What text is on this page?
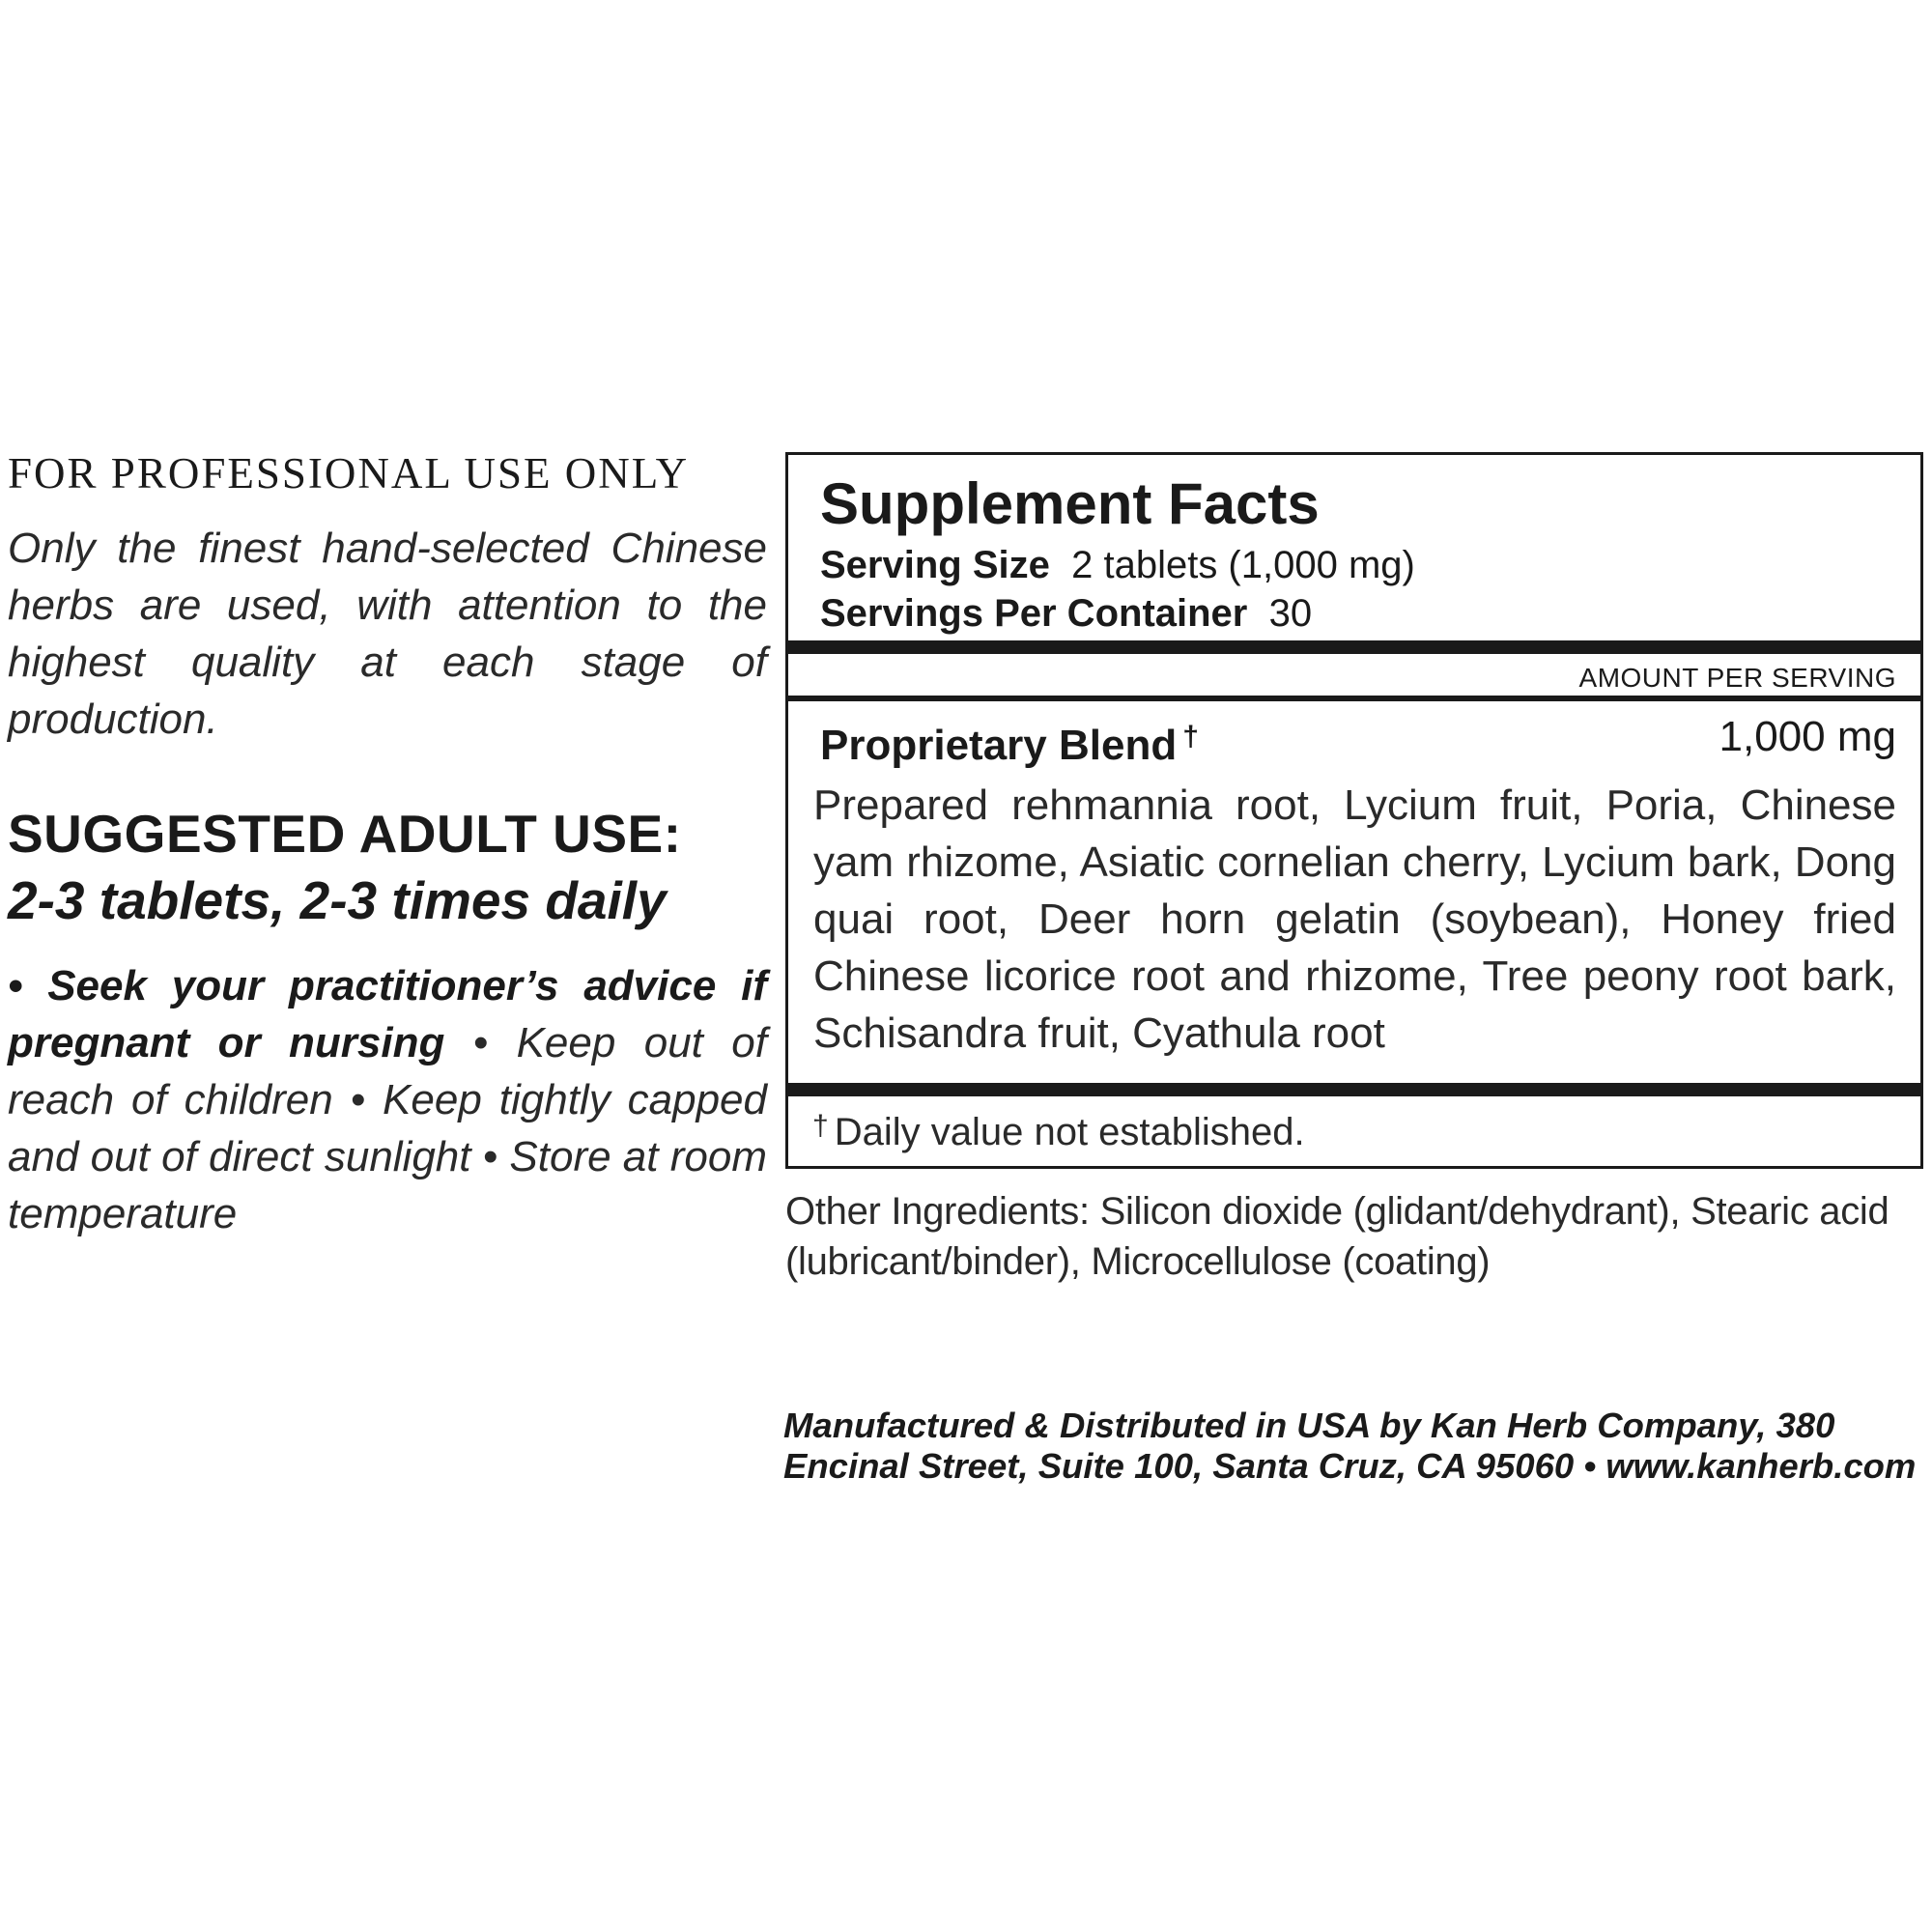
FOR PROFESSIONAL USE ONLY

Only the finest hand-selected Chinese herbs are used, with attention to the highest quality at each stage of production.

SUGGESTED ADULT USE:

2-3 tablets, 2-3 times daily

• Seek your practitioner’s advice if pregnant or nursing • Keep out of reach of children • Keep tightly capped and out of direct sunlight • Store at room temperature

Supplement Facts
Serving Size 2 tablets (1,000 mg)
Servings Per Container 30
AMOUNT PER SERVING
Proprietary Blend †	1,000 mg

Prepared rehmannia root, Lycium fruit, Poria, Chinese yam rhizome, Asiatic cornelian cherry, Lycium bark, Dong quai root, Deer horn gelatin (soybean), Honey fried Chinese licorice root and rhizome, Tree peony root bark, Schisandra fruit, Cyathula root

† Daily value not established.

Other Ingredients: Silicon dioxide (glidant/dehydrant), Stearic acid (lubricant/binder), Microcellulose (coating)

Manufactured & Distributed in USA by Kan Herb Company, 380
Encinal Street, Suite 100, Santa Cruz, CA 95060 • www.kanherb.com
